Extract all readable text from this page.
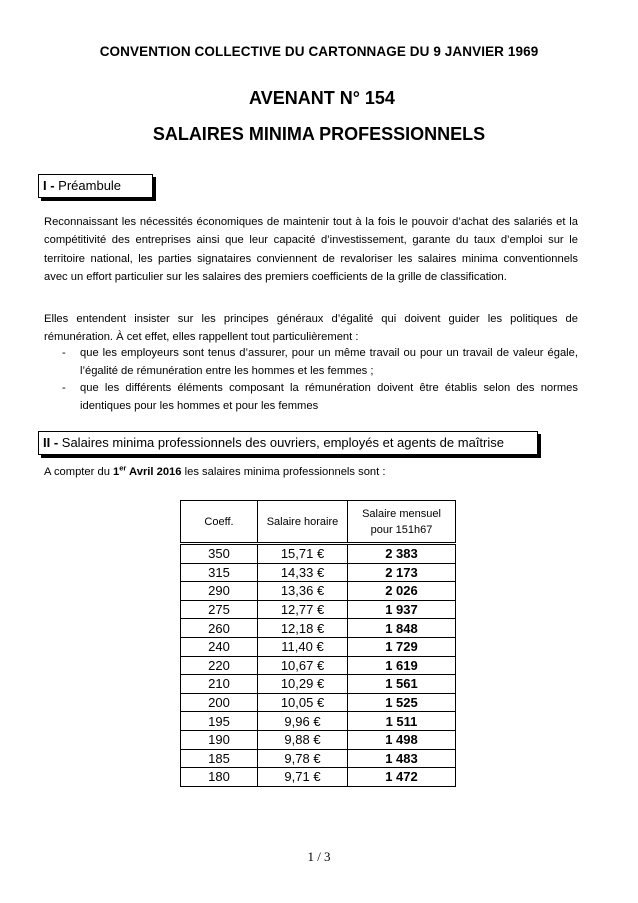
CONVENTION COLLECTIVE DU CARTONNAGE DU 9 JANVIER 1969
AVENANT N° 154
SALAIRES MINIMA PROFESSIONNELS
I - Préambule
Reconnaissant les nécessités économiques de maintenir tout à la fois le pouvoir d’achat des salariés et la compétitivité des entreprises ainsi que leur capacité d’investissement, garante du taux d’emploi sur le territoire national, les parties signataires conviennent de revaloriser les salaires minima conventionnels avec un effort particulier sur les salaires des premiers coefficients de la grille de classification.
Elles entendent insister sur les principes généraux d’égalité qui doivent guider les politiques de rémunération. À cet effet, elles rappellent tout particulièrement :
- que les employeurs sont tenus d’assurer, pour un même travail ou pour un travail de valeur égale, l’égalité de rémunération entre les hommes et les femmes ;
- que les différents éléments composant la rémunération doivent être établis selon des normes identiques pour les hommes et pour les femmes
II - Salaires minima professionnels des ouvriers, employés et agents de maîtrise
A compter du 1er Avril 2016 les salaires minima professionnels sont :
Coeff.	Salaire horaire	Salaire mensuel
pour 151h67

350	15,71 €	2 383
315	14,33 €	2 173
290	13,36 €	2 026
275	12,77 €	1 937
260	12,18 €	1 848
240	11,40 €	1 729
220	10,67 €	1 619
210	10,29 €	1 561
200	10,05 €	1 525
195	9,96 €	1 511
190	9,88 €	1 498
185	9,78 €	1 483
180	9,71 €	1 472
1 / 3
